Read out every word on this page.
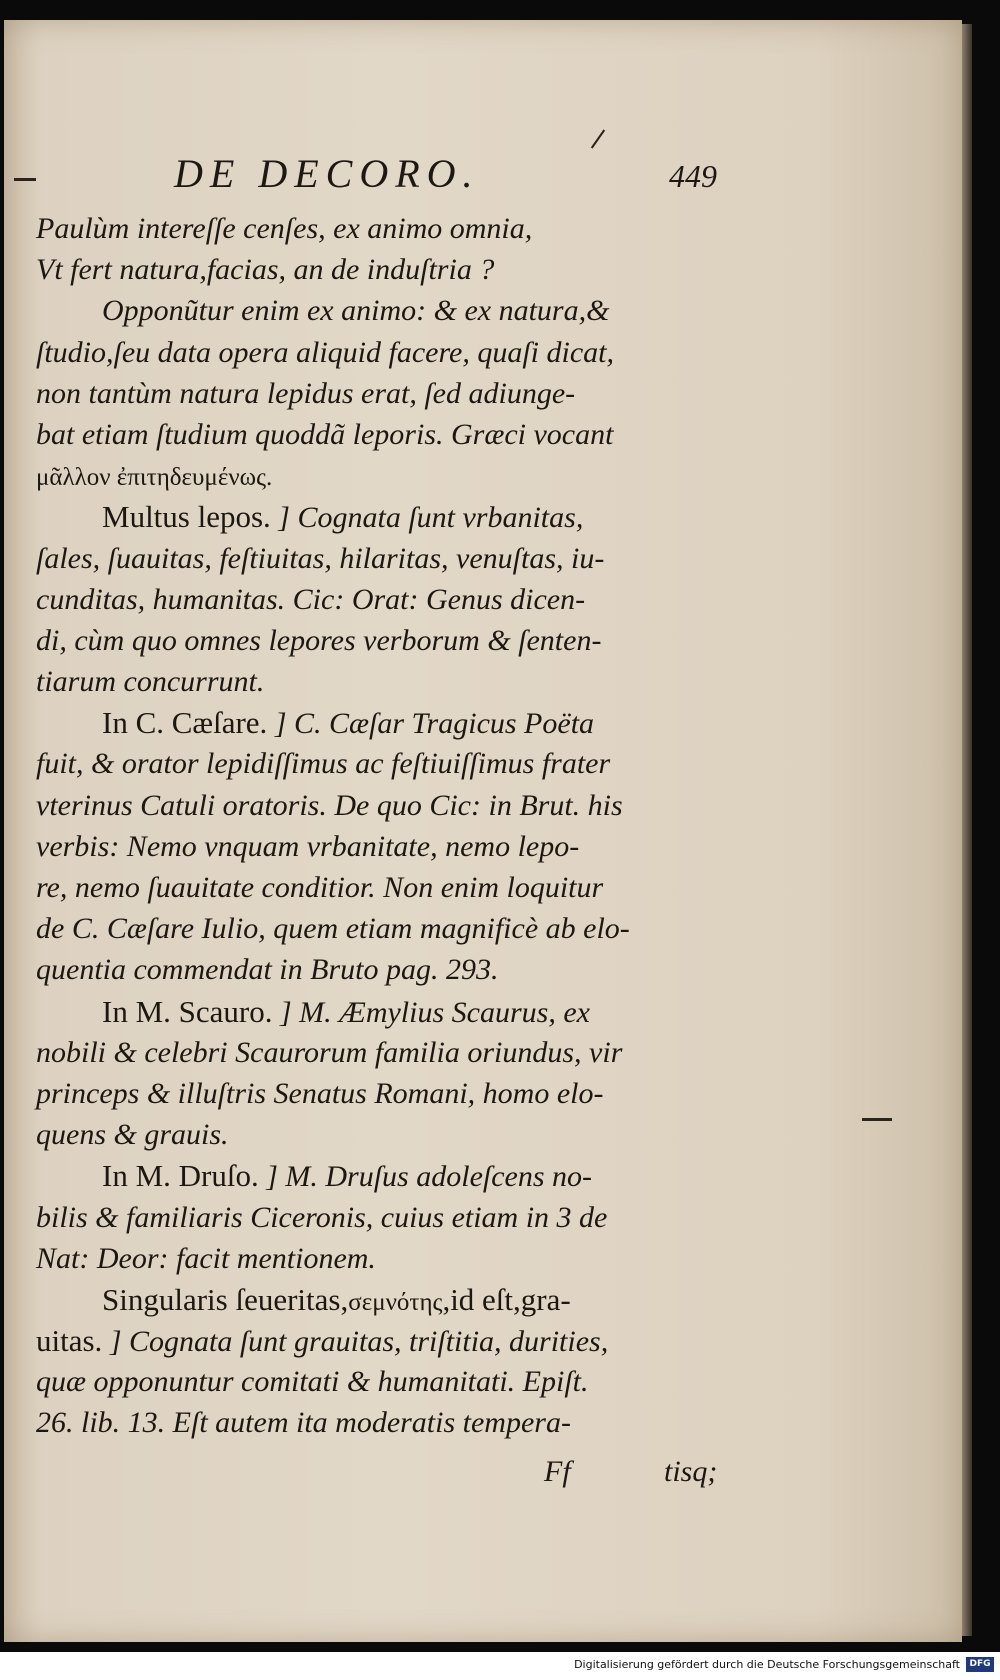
DE DECORO.	449
Paulùm intereſſe cenſes, ex animo omnia,
Vt fert natura,facias, an de induſtria ?
Opponũtur enim ex animo: & ex natura,&
ſtudio,ſeu data opera aliquid facere, quaſi dicat,
non tantùm natura lepidus erat, ſed adiunge-
bat etiam ſtudium quoddã leporis. Græci vocant
μᾶλλον ἐπιτηδευμένως.
Multus lepos. ] Cognata ſunt vrbanitas,
ſales, ſuauitas, feſtiuitas, hilaritas, venuſtas, iu-
cunditas, humanitas. Cic: Orat: Genus dicen-
di, cùm quo omnes lepores verborum & ſenten-
tiarum concurrunt.
In C. Cæſare. ] C. Cæſar Tragicus Poëta
fuit, & orator lepidiſſimus ac feſtiuiſſimus frater
vterinus Catuli oratoris. De quo Cic: in Brut. his
verbis: Nemo vnquam vrbanitate, nemo lepo-
re, nemo ſuauitate conditior. Non enim loquitur
de C. Cæſare Iulio, quem etiam magnificè ab elo-
quentia commendat in Bruto pag. 293.
In M. Scauro. ] M. Æmylius Scaurus, ex
nobili & celebri Scaurorum familia oriundus, vir
princeps & illuſtris Senatus Romani, homo elo-
quens & grauis.
In M. Druſo. ] M. Druſus adoleſcens no-
bilis & familiaris Ciceronis, cuius etiam in 3 de
Nat: Deor: facit mentionem.
Singularis ſeueritas,σεμνότης,id eſt,gra-
uitas. ] Cognata ſunt grauitas, triſtitia, durities,
quæ opponuntur comitati & humanitati. Epiſt.
26. lib. 13. Eſt autem ita moderatis tempera-
Ff	tisq;
Digitalisierung gefördert durch die Deutsche Forschungsgemeinschaft	DFG
